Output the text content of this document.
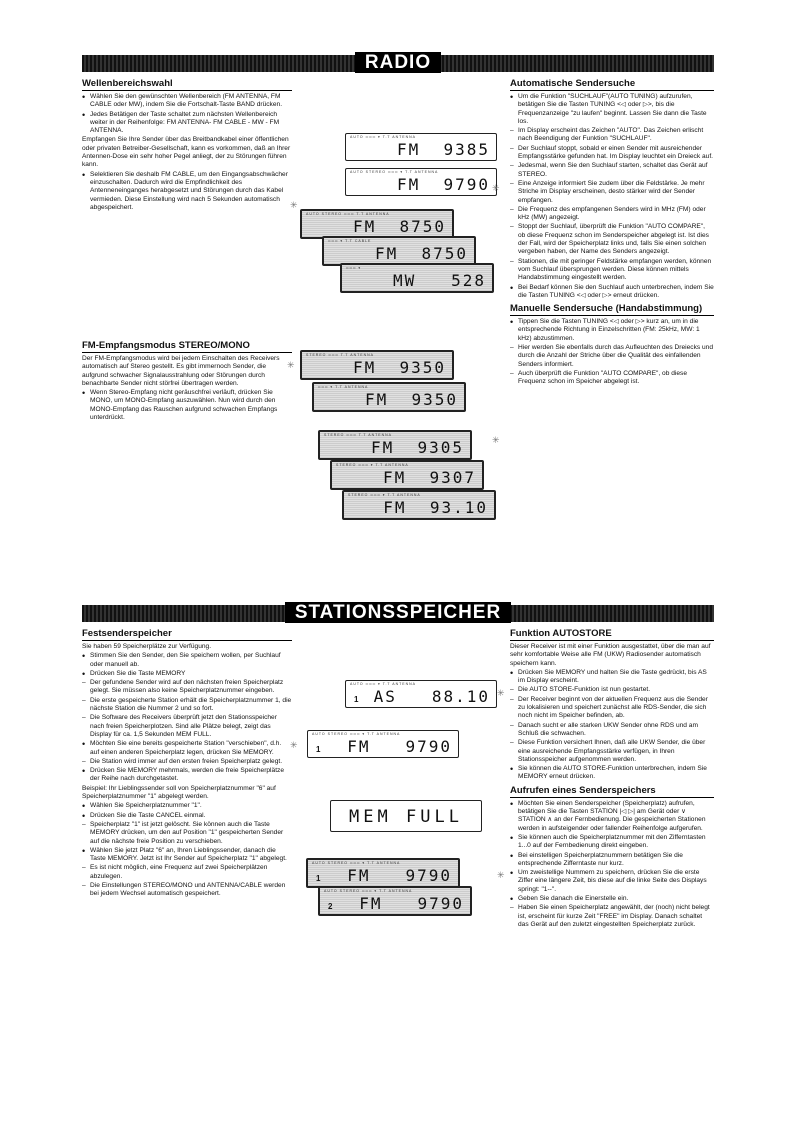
RADIO
Wellenbereichswahl
• Wählen Sie den gewünschten Wellenbereich (FM ANTENNA, FM CABLE oder MW), indem Sie die Fortschalt-Taste BAND drücken.
• Jedes Betätigen der Taste schaltet zum nächsten Wellenbereich weiter in der Reihenfolge: FM ANTENNA- FM CABLE - MW - FM ANTENNA.

Empfangen Sie Ihre Sender über das Breitbandkabel einer öffentlichen oder privaten Betreiber-Gesellschaft, kann es vorkommen, daß an Ihrer Antennen-Dose ein sehr hoher Pegel anliegt, der zu Störungen führen kann.

• Selektieren Sie deshalb FM CABLE, um den Eingangsabschwächer einzuschalten. Dadurch wird die Empfindlichkeit des Antenneneinganges herabgesetzt und Störungen durch das Kabel vermieden. Diese Einstellung wird nach 5 Sekunden automatisch abgespeichert.
FM-Empfangsmodus STEREO/MONO

Der FM-Empfangsmodus wird bei jedem Einschalten des Receivers automatisch auf Stereo gestellt. Es gibt immernoch Sender, die aufgrund schwacher Signalausstrahlung oder Störungen durch benachbarte Sender nicht störfrei übertragen werden.

• Wenn Stereo-Empfang nicht geräuschfrei verläuft, drücken Sie MONO, um MONO-Empfang auszuwählen. Nun wird durch den MONO-Empfang das Rauschen aufgrund schwachen Empfangs unterdrückt.
Automatische Sendersuche
• Um die Funktion "SUCHLAUF"(AUTO TUNING) aufzurufen, betätigen Sie die Tasten TUNING <◁ oder ▷>, bis die Frequenzanzeige "zu laufen" beginnt. Lassen Sie dann die Taste los.
– Im Display erscheint das Zeichen "AUTO". Das Zeichen erlischt nach Beendigung der Funktion "SUCHLAUF".
– Der Suchlauf stoppt, sobald er einen Sender mit ausreichender Empfangsstärke gefunden hat. Im Display leuchtet ein Dreieck auf.
– Jedesmal, wenn Sie den Suchlauf starten, schaltet das Gerät auf STEREO.
– Eine Anzeige informiert Sie zudem über die Feldstärke. Je mehr Striche im Display erscheinen, desto stärker wird der Sender empfangen.
– Die Frequenz des empfangenen Senders wird in MHz (FM) oder kHz (MW) angezeigt.
– Stoppt der Suchlauf, überprüft die Funktion "AUTO COMPARE", ob diese Frequenz schon im Senderspeicher abgelegt ist. Ist dies der Fall, wird der Speicherplatz links und, falls Sie einen solchen vergeben haben, der Name des Senders angezeigt.
– Stationen, die mit geringer Feldstärke empfangen werden, können vom Suchlauf übersprungen werden. Diese können mittels Handabstimmung eingestellt werden.
• Bei Bedarf können Sie den Suchlauf auch unterbrechen, indem Sie die Tasten TUNING <◁ oder ▷> erneut drücken.
Manuelle Sendersuche (Handabstimmung)
• Tippen Sie die Tasten TUNING <◁ oder ▷> kurz an, um in die entsprechende Richtung in Einzelschritten (FM: 25kHz, MW: 1 kHz) abzustimmen.
– Hier werden Sie ebenfalls durch das Aufleuchten des Dreiecks und durch die Anzahl der Striche über die Qualität des einfallenden Senders informiert.
– Auch überprüft die Funktion "AUTO COMPARE", ob diese Frequenz schon im Speicher abgelegt ist.
AUTO ═══ ▾ T.T ANTENNA
FM  9385
AUTO STEREO ═══ ▾ T.T ANTENNA
FM  9790
AUTO STEREO ═══ T.T ANTENNA
FM  8750
═══ ▾ T.T CABLE
FM  8750
═══ ▾
MW   528
STEREO ═══ T.T ANTENNA
FM  9350
═══ ▾ T.T ANTENNA
FM  9350
STEREO ═══ T.T ANTENNA
FM  9305
STEREO ═══ ▾ T.T ANTENNA
FM  9307
STEREO ═══ ▾ T.T ANTENNA
FM  93.10
✳
✳
✳
✳
STATIONSSPEICHER
Festsenderspeicher

Sie haben 59 Speicherplätze zur Verfügung.

• Stimmen Sie den Sender, den Sie speichern wollen, per Suchlauf oder manuell ab.
• Drücken Sie die Taste MEMORY
– Der gefundene Sender wird auf den nächsten freien Speicherplatz gelegt. Sie müssen also keine Speicherplatznummer eingeben.
– Die erste gespeicherte Station erhält die Speicherplatznummer 1, die nächste Station die Nummer 2 und so fort.
– Die Software des Receivers überprüft jetzt den Stationsspeicher nach freien Speicherplotzen. Sind alle Plätze belegt, zeigt das Display für ca. 1,5 Sekunden MEM FULL.
• Möchten Sie eine bereits gespeicherte Station "verschieben", d.h. auf einen anderen Speicherplatz legen, drücken Sie MEMORY.
– Die Station wird immer auf den ersten freien Speicherplatz gelegt.
• Drücken Sie MEMORY mehrmals, werden die freie Speicherplätze der Reihe nach durchgetastet.

Beispiel: Ihr Lieblingssender soll von Speicherplatznummer "6" auf Speicherplatznummer "1" abgelegt werden.

• Wählen Sie Speicherplatznummer "1".
• Drücken Sie die Taste CANCEL einmal.
– Speicherplatz "1" ist jetzt gelöscht. Sie können auch die Taste MEMORY drücken, um den auf Position "1" gespeicherten Sender auf die nächste freie Position zu verschieben.
• Wählen Sie jetzt Platz "6" an, Ihren Lieblingssender, danach die Taste MEMORY. Jetzt ist Ihr Sender auf Speicherplatz "1" abgelegt.
– Es ist nicht möglich, eine Frequenz auf zwei Speicherplätzen abzulegen.
– Die Einstellungen STEREO/MONO und ANTENNA/CABLE werden bei jedem Wechsel automatisch gespeichert.
Funktion AUTOSTORE

Dieser Receiver ist mit einer Funktion ausgestattet, über die man auf sehr komfortable Weise alle FM (UKW) Radiosender automatisch speichern kann.

• Drücken Sie MEMORY und halten Sie die Taste gedrückt, bis AS im Display erscheint.
– Die AUTO STORE-Funktion ist nun gestartet.
– Der Receiver beginnt von der aktuellen Frequenz aus die Sender zu lokalisieren und speichert zunächst alle RDS-Sender, die sich noch nicht im Speicher befinden, ab.
– Danach sucht er alle starken UKW Sender ohne RDS und am Schluß die schwachen.
– Diese Funktion versichert Ihnen, daß alle UKW Sender, die über eine ausreichende Empfangsstärke verfügen, in Ihren Stationsspeicher aufgenommen werden.
• Sie können die AUTO STORE-Funktion unterbrechen, indem Sie MEMORY erneut drücken.
Aufrufen eines Senderspeichers
• Möchten Sie einen Senderspeicher (Speicherplatz) aufrufen, betätigen Sie die Tasten STATION |◁ ▷| am Gerät oder ∨ STATION ∧ an der Fernbedienung. Die gespeicherten Stationen werden in aufsteigender oder fallender Reihenfolge aufgerufen.
• Sie können auch die Speicherplatznummer mit den Zifferntasten 1...0 auf der Fernbedienung direkt eingeben.
• Bei einstelligen Speicherplatznummern betätigen Sie die entsprechende Zifferntaste nur kurz.
• Um zweistellige Nummern zu speichern, drücken Sie die erste Ziffer eine längere Zeit, bis diese auf die linke Seite des Displays springt: "1--".
• Geben Sie danach die Einerstelle ein.
– Haben Sie einen Speicherplatz angewählt, der (noch) nicht belegt ist, erscheint für kurze Zeit "FREE" im Display. Danach schaltet das Gerät auf den zuletzt eingestellten Speicherplatz zurück.
AUTO ═══ ▾ T.T ANTENNA
1 AS   88.10
AUTO STEREO ═══ ▾ T.T ANTENNA
1	FM   9790
MEM FULL
AUTO STEREO ═══ ▾ T.T ANTENNA
1	FM   9790
AUTO STEREO ═══ ▾ T.T ANTENNA
2	FM   9790
✳
✳
✳
